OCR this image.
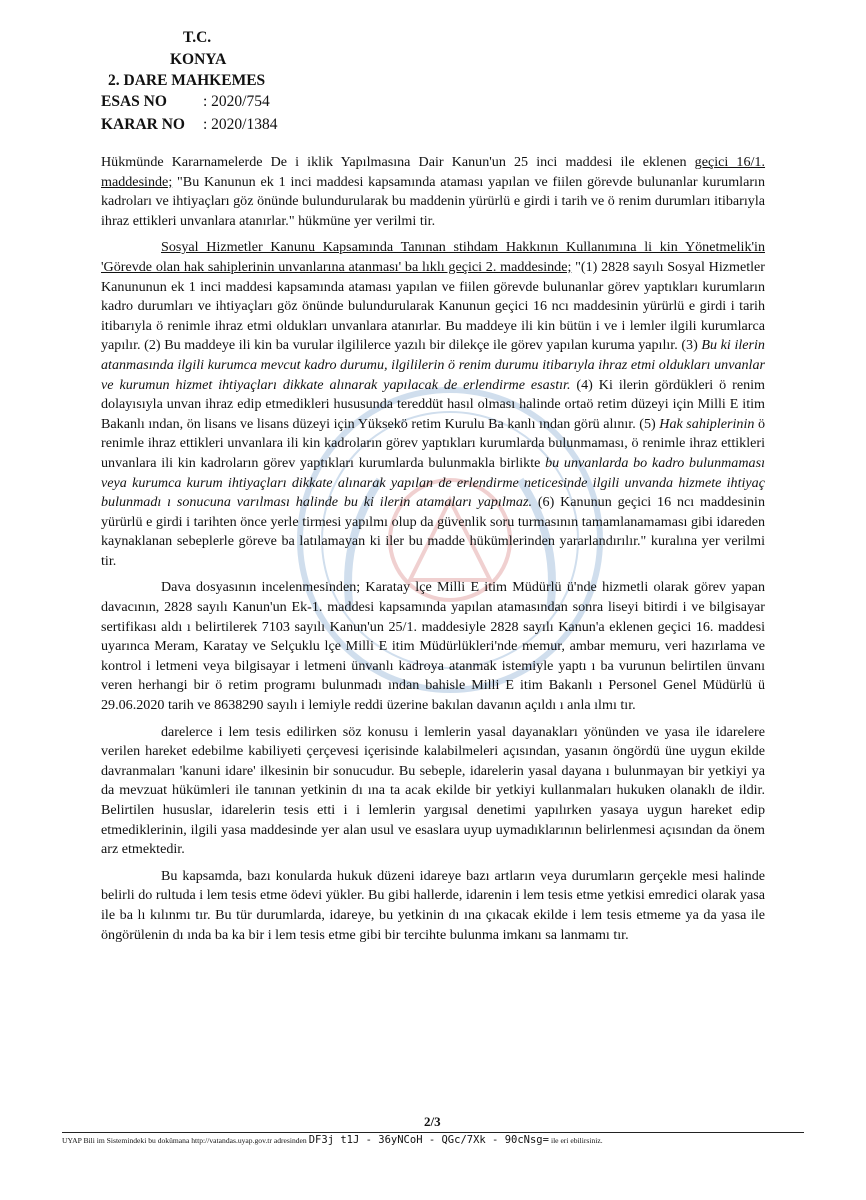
T.C.
KONYA
2. DARE MAHKEMES
ESAS NO : 2020/754
KARAR NO : 2020/1384

Hükmünde Kararnamelerde De i iklik Yapılmasına Dair Kanun'un 25 inci maddesi ile eklenen geçici 16/1. maddesinde; "Bu Kanunun ek 1 inci maddesi kapsamında ataması yapılan ve fiilen görevde bulunanlar kurumların kadroları ve ihtiyaçları göz önünde bulundurularak bu maddenin yürürlü e girdi i tarih ve ö renim durumları itibarıyla ihraz ettikleri unvanlara atanırlar." hükmüne yer verilmi tir.

Sosyal Hizmetler Kanunu Kapsamında Tanınan stihdam Hakkının Kullanımına li kin Yönetmelik'in 'Görevde olan hak sahiplerinin unvanlarına atanması' ba lıklı geçici 2. maddesinde; "(1) 2828 sayılı Sosyal Hizmetler Kanununun ek 1 inci maddesi kapsamında ataması yapılan ve fiilen görevde bulunanlar görev yaptıkları kurumların kadro durumları ve ihtiyaçları göz önünde bulundurularak Kanunun geçici 16 ncı maddesinin yürürlü e girdi i tarih itibarıyla ö renimle ihraz etmi oldukları unvanlara atanırlar. Bu maddeye ili kin bütün i ve i lemler ilgili kurumlarca yapılır. (2) Bu maddeye ili kin ba vurular ilgililerce yazılı bir dilekçe ile görev yapılan kuruma yapılır. (3) Bu ki ilerin atanmasında ilgili kurumca mevcut kadro durumu, ilgililerin ö renim durumu itibarıyla ihraz etmi oldukları unvanlar ve kurumun hizmet ihtiyaçları dikkate alınarak yapılacak de erlendirme esastır. (4) Ki ilerin gördükleri ö renim dolayısıyla unvan ihraz edip etmedikleri hususunda tereddüt hasıl olması halinde ortaö retim düzeyi için Milli E itim Bakanlı ından, ön lisans ve lisans düzeyi için Yüksekö retim Kurulu Ba kanlı ından görü alınır. (5) Hak sahiplerinin ö renimle ihraz ettikleri unvanlara ili kin kadroların görev yaptıkları kurumlarda bulunmaması, ö renimle ihraz ettikleri unvanlara ili kin kadroların görev yaptıkları kurumlarda bulunmakla birlikte bu unvanlarda bo kadro bulunmaması veya kurumca kurum ihtiyaçları dikkate alınarak yapılan de erlendirme neticesinde ilgili unvanda hizmete ihtiyaç bulunmadı ı sonucuna varılması halinde bu ki ilerin atamaları yapılmaz. (6) Kanunun geçici 16 ncı maddesinin yürürlü e girdi i tarihten önce yerle tirmesi yapılmı olup da güvenlik soru turmasının tamamlanamaması gibi idareden kaynaklanan sebeplerle göreve ba latılamayan ki iler bu madde hükümlerinden yararlandırılır." kuralına yer verilmi tir.

Dava dosyasının incelenmesinden; Karatay lçe Milli E itim Müdürlü ü'nde hizmetli olarak görev yapan davacının, 2828 sayılı Kanun'un Ek-1. maddesi kapsamında yapılan atamasından sonra liseyi bitirdi i ve bilgisayar sertifikası aldı ı belirtilerek 7103 sayılı Kanun'un 25/1. maddesiyle 2828 sayılı Kanun'a eklenen geçici 16. maddesi uyarınca Meram, Karatay ve Selçuklu lçe Milli E itim Müdürlükleri'nde memur, ambar memuru, veri hazırlama ve kontrol i letmeni veya bilgisayar i letmeni ünvanlı kadroya atanmak istemiyle yaptı ı ba vurunun belirtilen ünvanı veren herhangi bir ö retim programı bulunmadı ından bahisle Milli E itim Bakanlı ı Personel Genel Müdürlü ü 29.06.2020 tarih ve 8638290 sayılı i lemiyle reddi üzerine bakılan davanın açıldı ı anla ılmı tır.

darelerce i lem tesis edilirken söz konusu i lemlerin yasal dayanakları yönünden ve yasa ile idarelere verilen hareket edebilme kabiliyeti çerçevesi içerisinde kalabilmeleri açısından, yasanın öngördü üne uygun ekilde davranmaları 'kanuni idare' ilkesinin bir sonucudur. Bu sebeple, idarelerin yasal dayana ı bulunmayan bir yetkiyi ya da mevzuat hükümleri ile tanınan yetkinin dı ına ta acak ekilde bir yetkiyi kullanmaları hukuken olanaklı de ildir. Belirtilen hususlar, idarelerin tesis etti i i lemlerin yargısal denetimi yapılırken yasaya uygun hareket edip etmediklerinin, ilgili yasa maddesinde yer alan usul ve esaslara uyup uymadıklarının belirlenmesi açısından da önem arz etmektedir.

Bu kapsamda, bazı konularda hukuk düzeni idareye bazı artların veya durumların gerçekle mesi halinde belirli do rultuda i lem tesis etme ödevi yükler. Bu gibi hallerde, idarenin i lem tesis etme yetkisi emredici olarak yasa ile ba lı kılınmı tır. Bu tür durumlarda, idareye, bu yetkinin dı ına çıkacak ekilde i lem tesis etmeme ya da yasa ile öngörülenin dı ında ba ka bir i lem tesis etme gibi bir tercihte bulunma imkanı sa lanmamı tır.

2/3
UYAP Bili im Sistemindeki bu dokümana http://vatandas.uyap.gov.tr adresinden DF3j t1J - 36yNCoH - QGc/7Xk - 90cNsg= ile eri ebilirsiniz.
